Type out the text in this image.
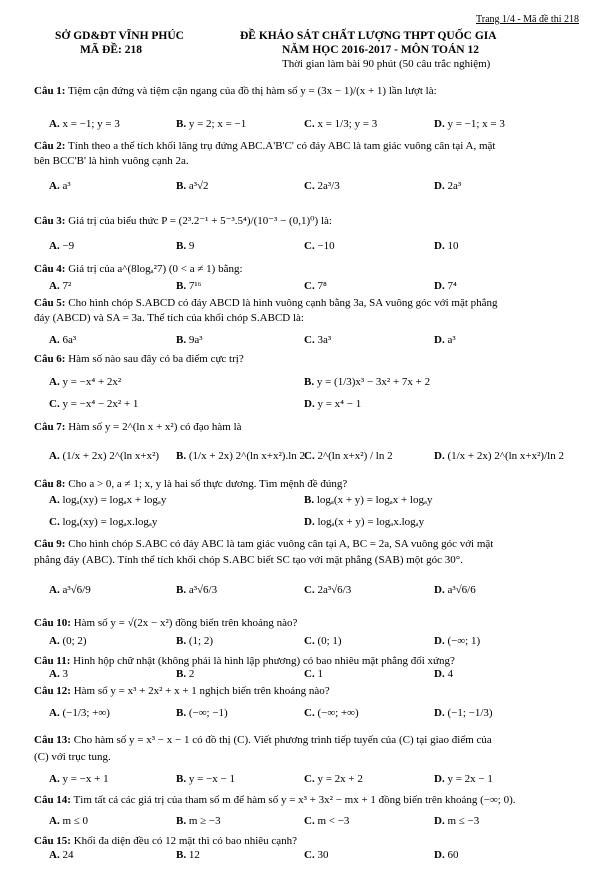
Trang 1/4 - Mã đề thi 218
SỞ GD&ĐT VĨNH PHÚC
MÃ ĐỀ: 218
ĐỀ KHẢO SÁT CHẤT LƯỢNG THPT QUỐC GIA
NĂM HỌC 2016-2017 - MÔN TOÁN 12
Thời gian làm bài 90 phút (50 câu trắc nghiệm)
Câu 1: Tiệm cận đứng và tiệm cận ngang của đồ thị hàm số y = (3x − 1)/(x + 1) lần lượt là:
A. x = −1; y = 3	B. y = 2; x = −1	C. x = 1/3; y = 3	D. y = −1; x = 3
Câu 2: Tính theo a thể tích khối lăng trụ đứng ABC.A'B'C' có đáy ABC là tam giác vuông cân tại A, mặt
bên BCC'B' là hình vuông cạnh 2a.
A. a³	B. a³√2	C. 2a³/3	D. 2a³
Câu 3: Giá trị của biểu thức P = (2³.2⁻¹ + 5⁻³.5⁴)/(10⁻³ − (0,1)⁰) là:
A. −9	B. 9	C. −10	D. 10
Câu 4: Giá trị của a^(8logₐ²7) (0 < a ≠ 1) bằng:
A. 7²	B. 7¹⁶	C. 7⁸	D. 7⁴
Câu 5: Cho hình chóp S.ABCD có đáy ABCD là hình vuông cạnh bằng 3a, SA vuông góc với mặt phẳng
đáy (ABCD) và SA = 3a. Thể tích của khối chóp S.ABCD là:
A. 6a³	B. 9a³	C. 3a³	D. a³
Câu 6: Hàm số nào sau đây có ba điểm cực trị?
A. y = −x⁴ + 2x²	B. y = (1/3)x³ − 3x² + 7x + 2
C. y = −x⁴ − 2x² + 1	D. y = x⁴ − 1
Câu 7: Hàm số y = 2^(ln x + x²) có đạo hàm là
A. (1/x + 2x) 2^(ln x+x²) B. (1/x + 2x) 2^(ln x+x²).ln 2
C. 2^(ln x+x²) / ln 2	D. (1/x + 2x) 2^(ln x+x²)/ln 2
Câu 8: Cho a > 0, a ≠ 1; x, y là hai số thực dương. Tìm mệnh đề đúng?
A. logₐ(xy) = logₐx + logₐy	B. logₐ(x + y) = logₐx + logₐy
C. logₐ(xy) = logₐx.logₐy	D. logₐ(x + y) = logₐx.logₐy
Câu 9: Cho hình chóp S.ABC có đáy ABC là tam giác vuông cân tại A, BC = 2a, SA vuông góc với mặt
phẳng đáy (ABC). Tính thể tích khối chóp S.ABC biết SC tạo với mặt phẳng (SAB) một góc 30°.
A. a³√6/9	B. a³√6/3	C. 2a³√6/3	D. a³√6/6
Câu 10: Hàm số y = √(2x − x²) đồng biến trên khoảng nào?
A. (0; 2)	B. (1; 2)	C. (0; 1)	D. (−∞; 1)
Câu 11: Hình hộp chữ nhật (không phải là hình lập phương) có bao nhiêu mặt phẳng đối xứng?
A. 3	B. 2	C. 1	D. 4
Câu 12: Hàm số y = x³ + 2x² + x + 1 nghịch biến trên khoảng nào?
A. (−1/3; +∞)	B. (−∞; −1)	C. (−∞; +∞)	D. (−1; −1/3)
Câu 13: Cho hàm số y = x³ − x − 1 có đồ thị (C). Viết phương trình tiếp tuyến của (C) tại giao điểm của
(C) với trục tung.
A. y = −x + 1	B. y = −x − 1	C. y = 2x + 2	D. y = 2x − 1
Câu 14: Tìm tất cả các giá trị của tham số m để hàm số y = x³ + 3x² − mx + 1 đồng biến trên khoảng (−∞; 0).
A. m ≤ 0	B. m ≥ −3	C. m < −3	D. m ≤ −3
Câu 15: Khối đa diện đều có 12 mặt thì có bao nhiêu cạnh?
A. 24	B. 12	C. 30	D. 60
